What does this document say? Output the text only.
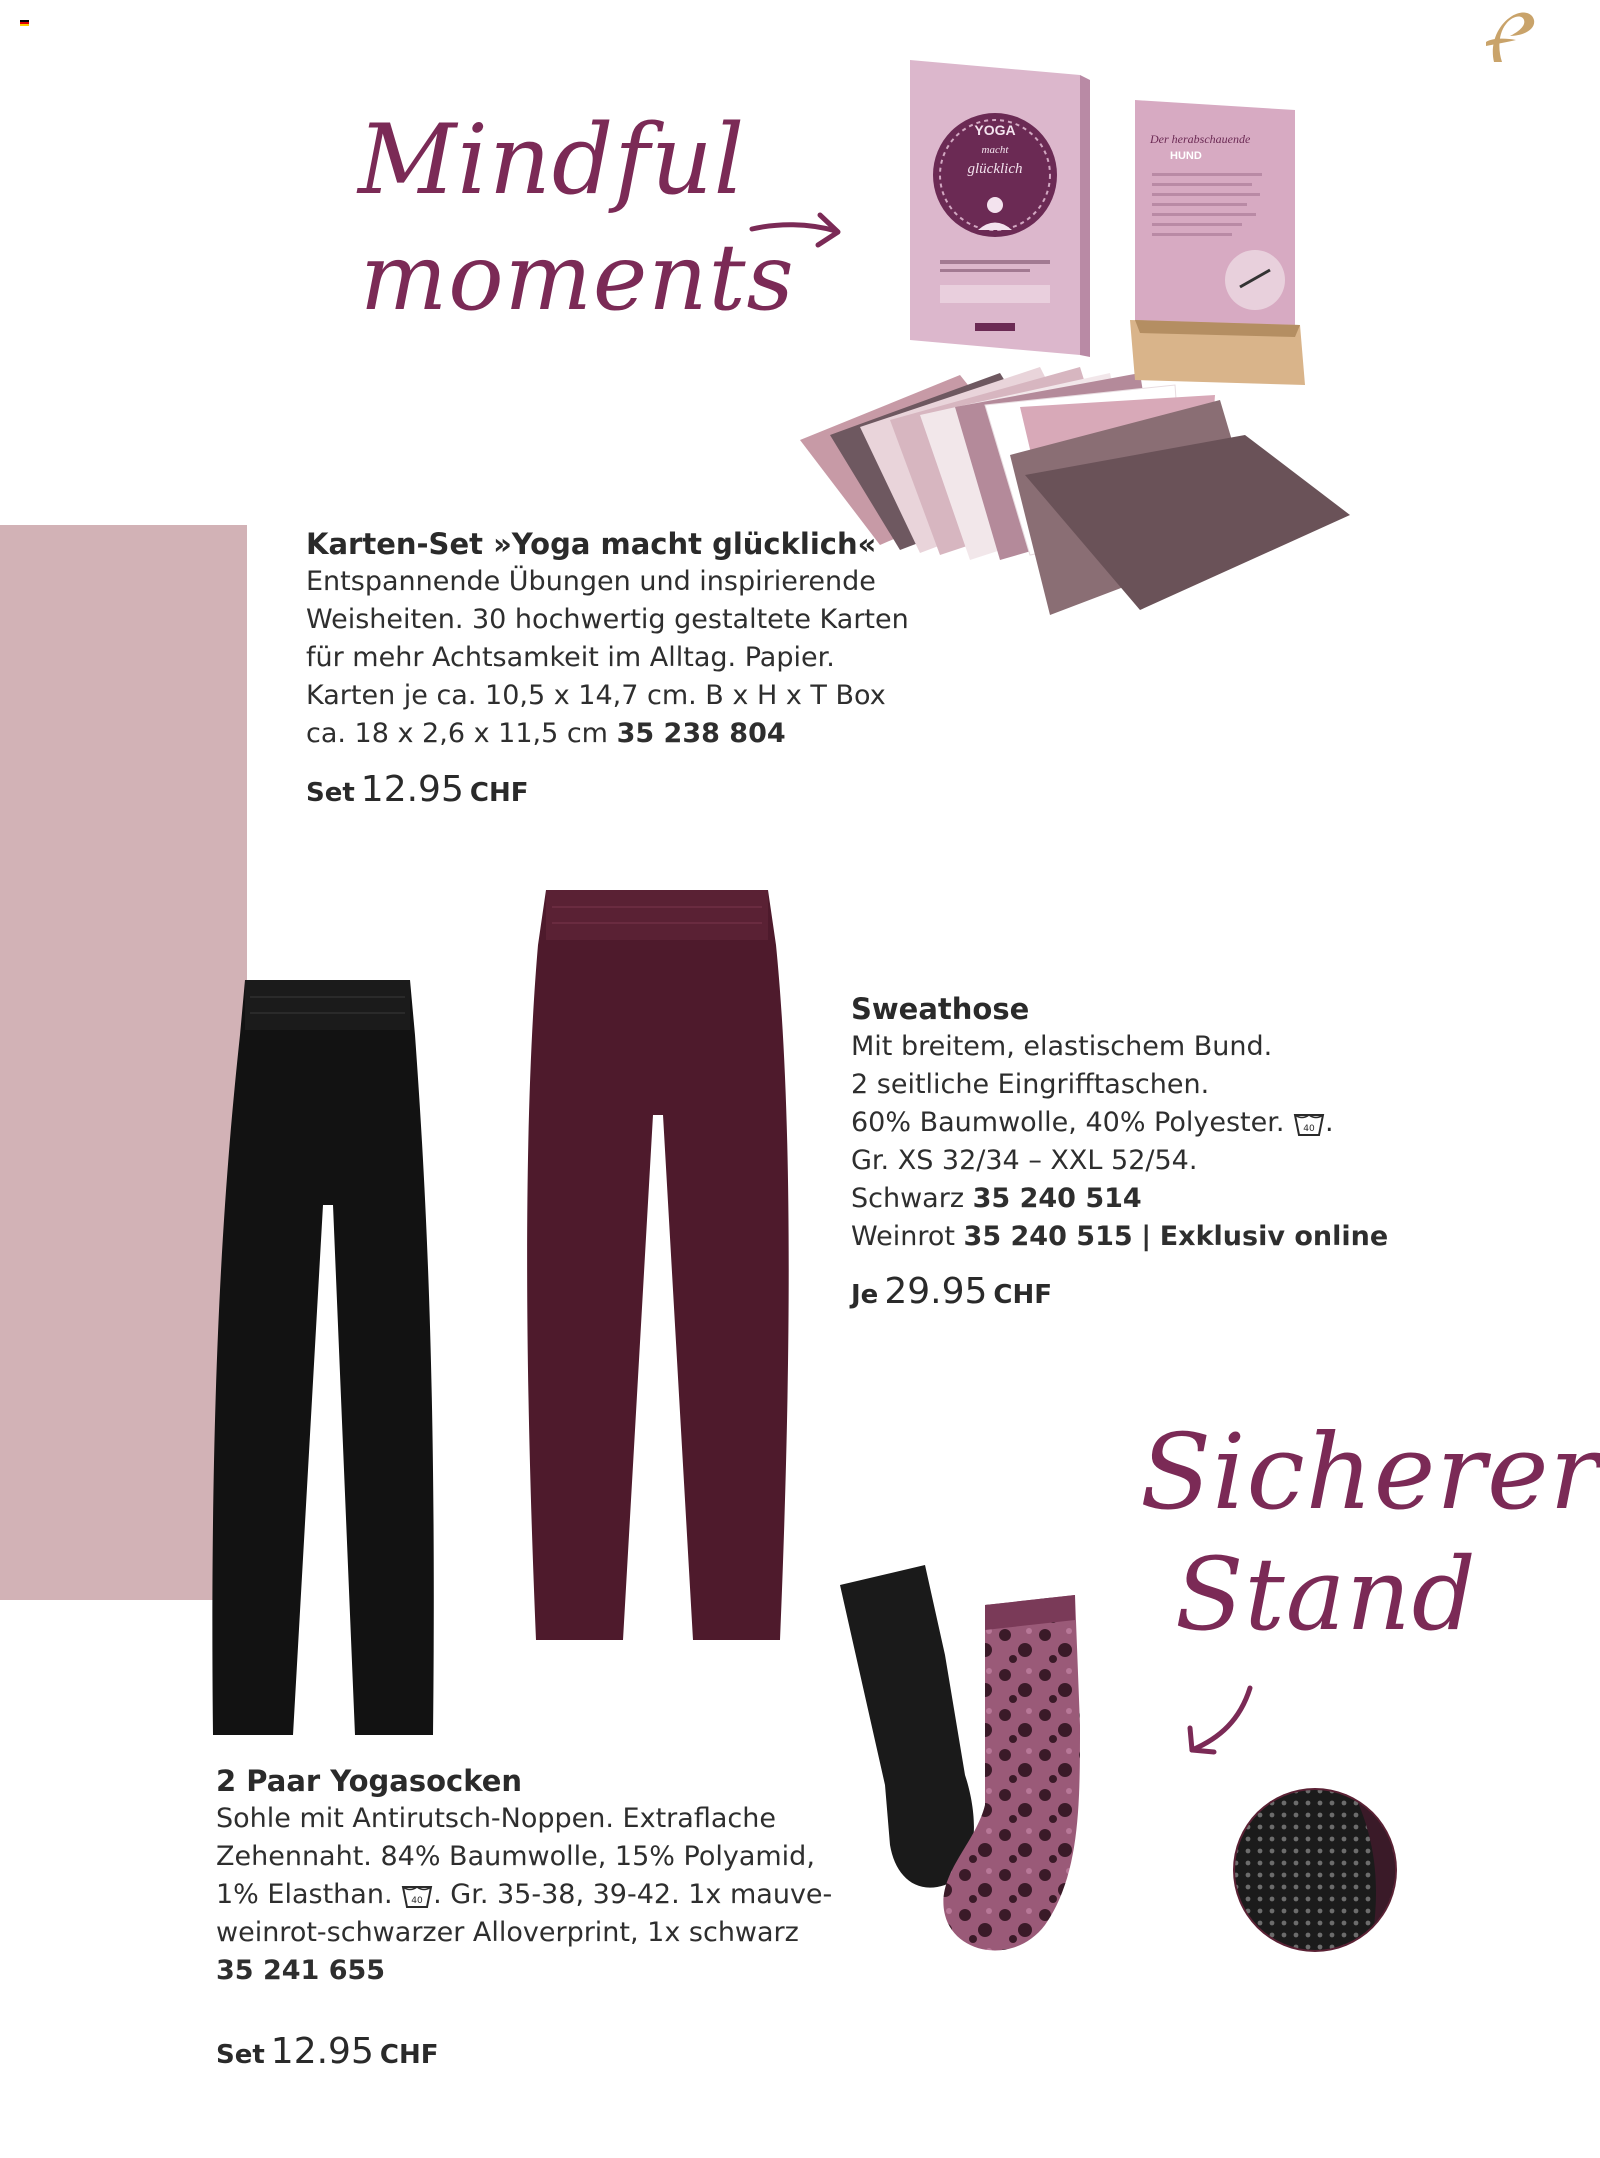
Mindful
moments
YOGA
macht
glücklich
Der herabschauende
HUND
Karten-Set »Yoga macht glücklich«
Entspannende Übungen und inspirierende
Weisheiten. 30 hochwertig gestaltete Karten
für mehr Achtsamkeit im Alltag. Papier.
Karten je ca. 10,5 x 14,7 cm. B x H x T Box
ca. 18 x 2,6 x 11,5 cm 35 238 804
Set 12.95 CHF
Sweathose
Mit breitem, elastischem Bund.
2 seitliche Eingrifftaschen.
60% Baumwolle, 40% Polyester. 40 .
Gr. XS 32/34 – XXL 52/54.
Schwarz 35 240 514
Weinrot 35 240 515 | Exklusiv online
Je 29.95 CHF
Sicherer
Stand
2 Paar Yogasocken
Sohle mit Antirutsch-Noppen. Extraflache
Zehennaht. 84% Baumwolle, 15% Polyamid,
1% Elasthan. 40 . Gr. 35-38, 39-42. 1x mauve-
weinrot-schwarzer Alloverprint, 1x schwarz
35 241 655
Set 12.95 CHF
